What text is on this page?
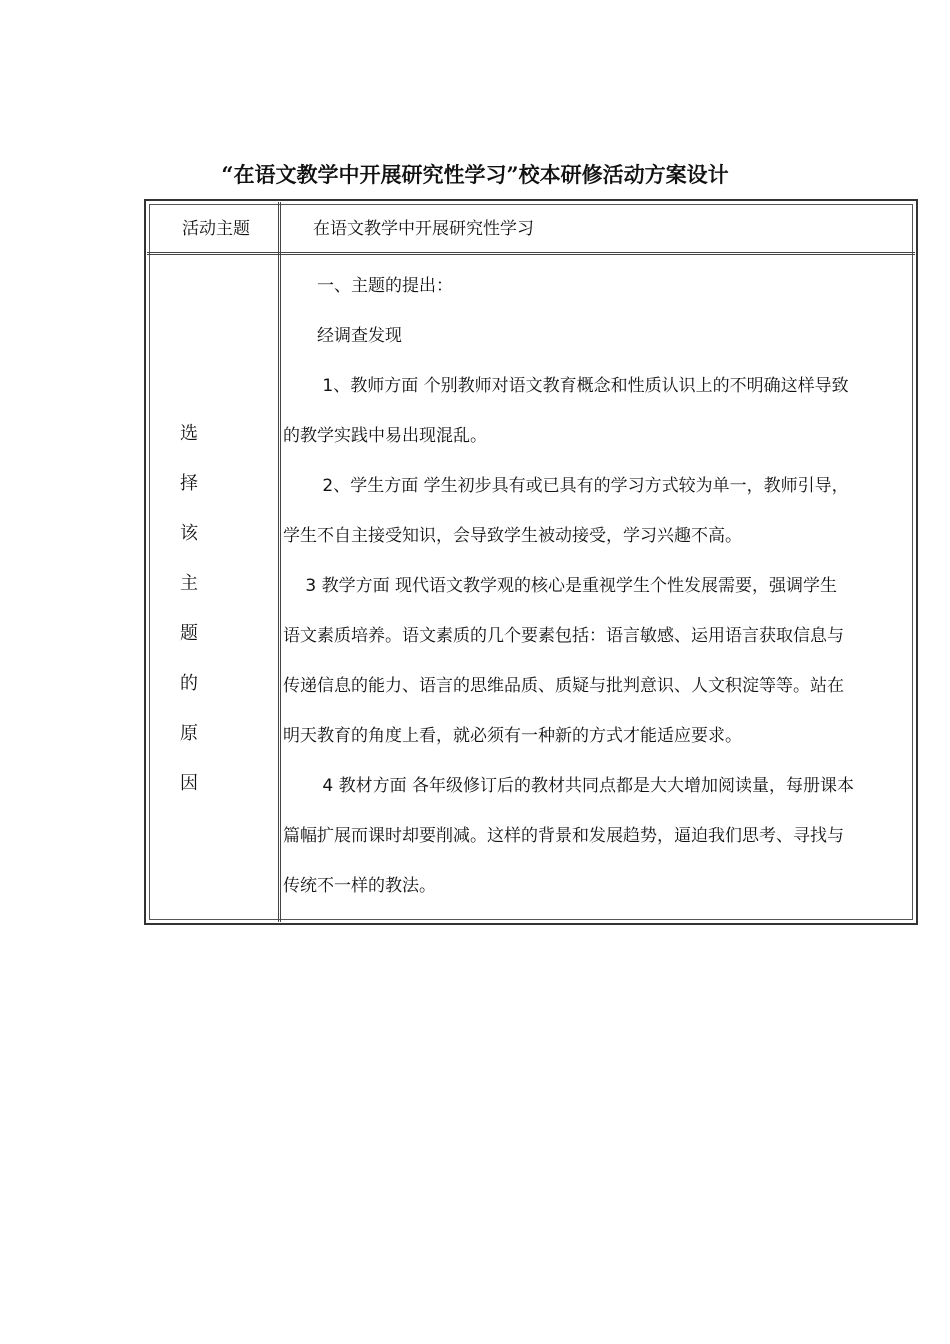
“在语文教学中开展研究性学习”校本研修活动方案设计
活动主题	在语文教学中开展研究性学习
选
择
该
主
题
的
原
因

　　一、主题的提出：

　　经调查发现

　　 1、教师方面 个别教师对语文教育概念和性质认识上的不明确这样导致

的教学实践中易出现混乱。

　　 2、学生方面 学生初步具有或已具有的学习方式较为单一，教师引导，

学生不自主接受知识，会导致学生被动接受，学习兴趣不高。

　 3 教学方面 现代语文教学观的核心是重视学生个性发展需要，强调学生

语文素质培养。语文素质的几个要素包括：语言敏感、运用语言获取信息与

传递信息的能力、语言的思维品质、质疑与批判意识、人文积淀等等。站在

明天教育的角度上看，就必须有一种新的方式才能适应要求。

　　 4 教材方面 各年级修订后的教材共同点都是大大增加阅读量，每册课本

篇幅扩展而课时却要削减。这样的背景和发展趋势，逼迫我们思考、寻找与

传统不一样的教法。
